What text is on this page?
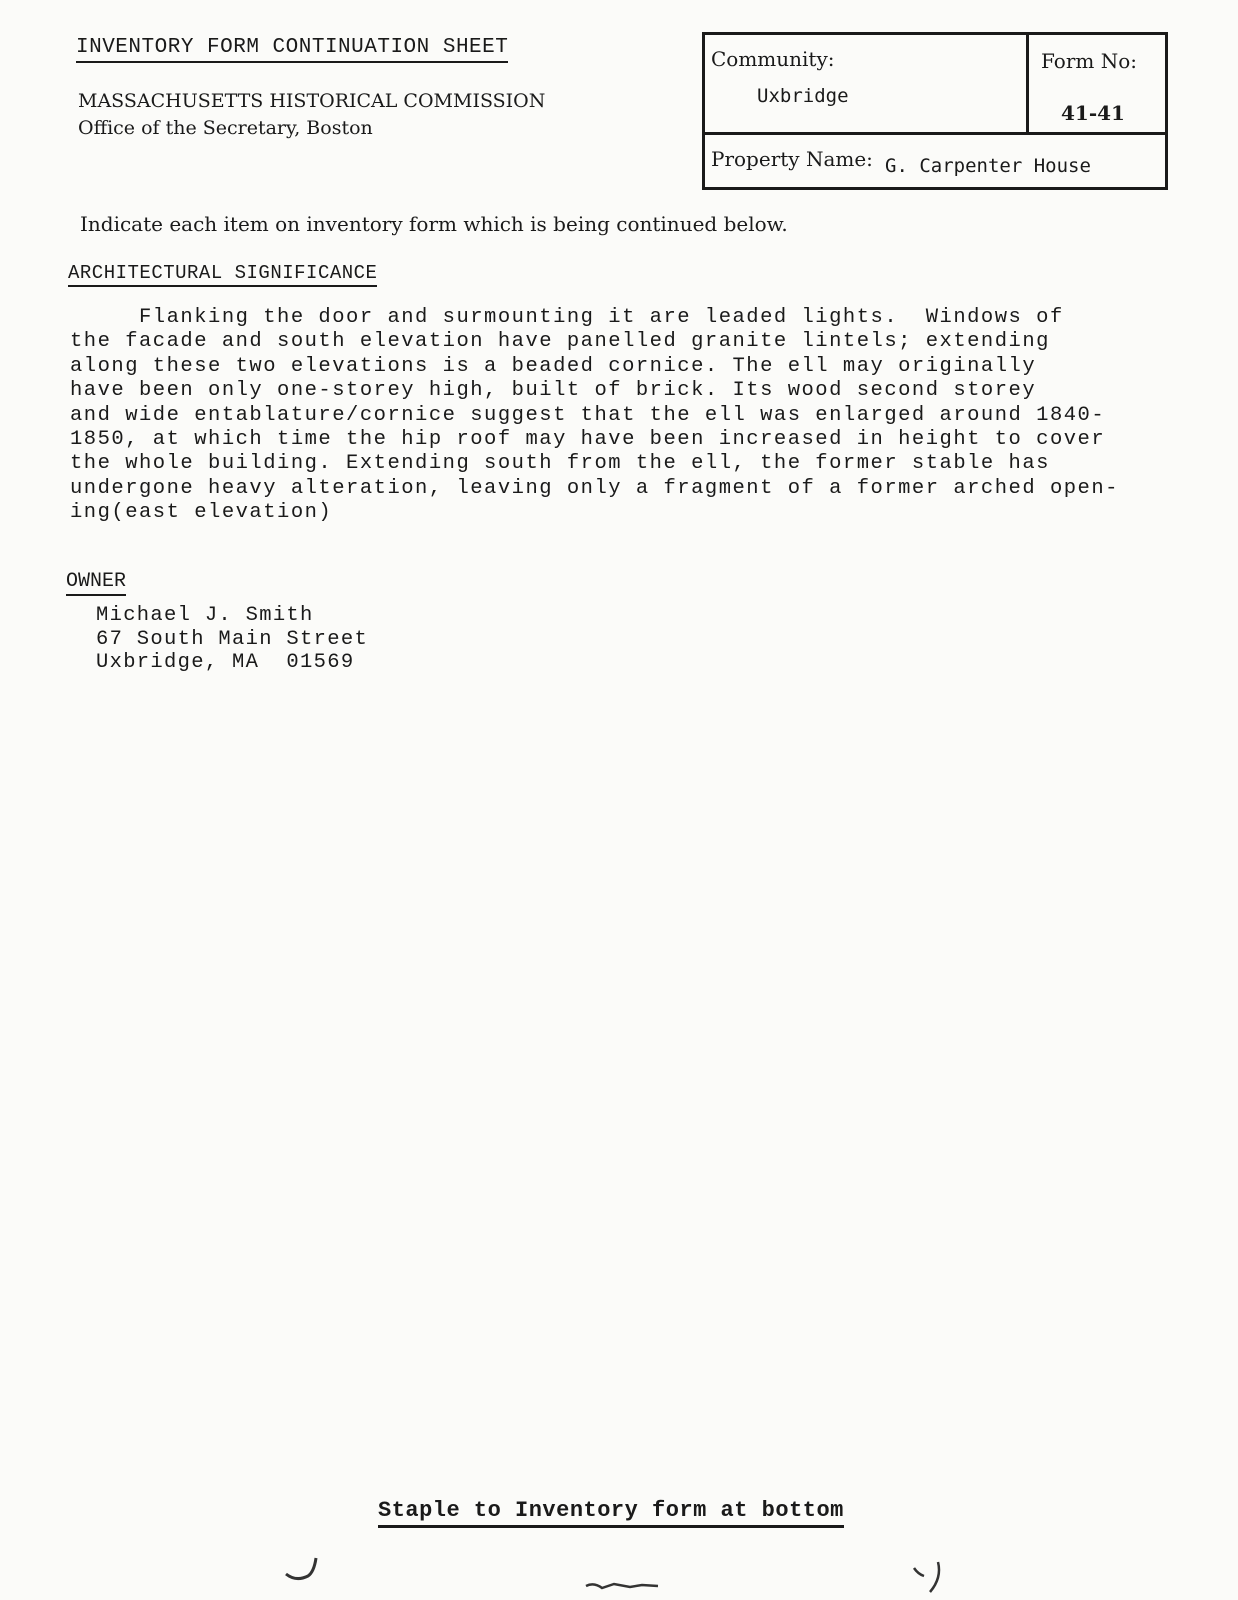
INVENTORY FORM CONTINUATION SHEET
MASSACHUSETTS HISTORICAL COMMISSION
Office of the Secretary, Boston
Community:
Uxbridge
Form No:
41-41
Property Name: G. Carpenter House
Indicate each item on inventory form which is being continued below.
ARCHITECTURAL SIGNIFICANCE
Flanking the door and surmounting it are leaded lights.  Windows of
the facade and south elevation have panelled granite lintels; extending
along these two elevations is a beaded cornice. The ell may originally
have been only one-storey high, built of brick. Its wood second storey
and wide entablature/cornice suggest that the ell was enlarged around 1840-
1850, at which time the hip roof may have been increased in height to cover
the whole building. Extending south from the ell, the former stable has
undergone heavy alteration, leaving only a fragment of a former arched open-
ing(east elevation)
OWNER
Michael J. Smith
67 South Main Street
Uxbridge, MA  01569
Staple to Inventory form at bottom
